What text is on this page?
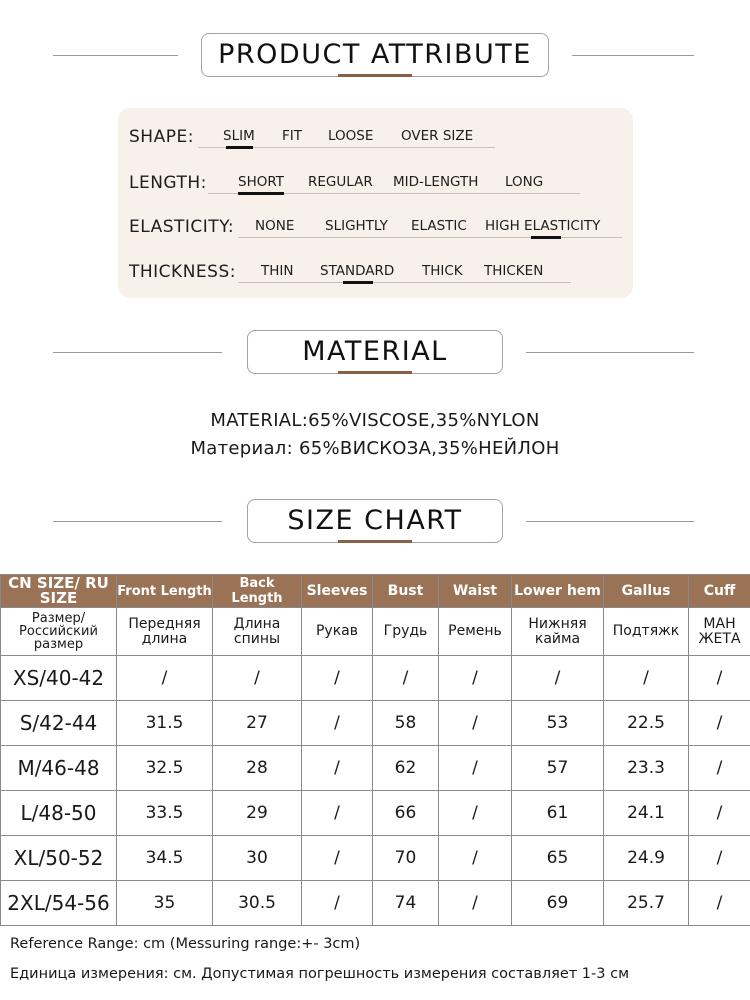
PRODUCT ATTRIBUTE
SHAPE: SLIM FIT LOOSE OVER SIZE
LENGTH: SHORT REGULAR MID-LENGTH LONG
ELASTICITY: NONE SLIGHTLY ELASTIC HIGH ELASTICITY
THICKNESS: THIN STANDARD THICK THICKEN
MATERIAL
MATERIAL:65%VISCOSE,35%NYLON
Материал: 65%ВИСКОЗА,35%НЕЙЛОН
SIZE CHART
CN SIZE/ RU SIZE	Front Length	Back Length	Sleeves	Bust	Waist	Lower hem	Gallus	Cuff
Размер/ Российский размер	Передняя длина	Длина спины	Рукав	Грудь	Ремень	Нижняя кайма	Подтяжк	МАН ЖЕТА
XS/40-42	/	/	/	/	/	/	/	/
S/42-44	31.5	27	/	58	/	53	22.5	/
M/46-48	32.5	28	/	62	/	57	23.3	/
L/48-50	33.5	29	/	66	/	61	24.1	/
XL/50-52	34.5	30	/	70	/	65	24.9	/
2XL/54-56	35	30.5	/	74	/	69	25.7	/
Reference Range: cm (Messuring range:+- 3cm)
Единица измерения: см. Допустимая погрешность измерения составляет 1-3 см
